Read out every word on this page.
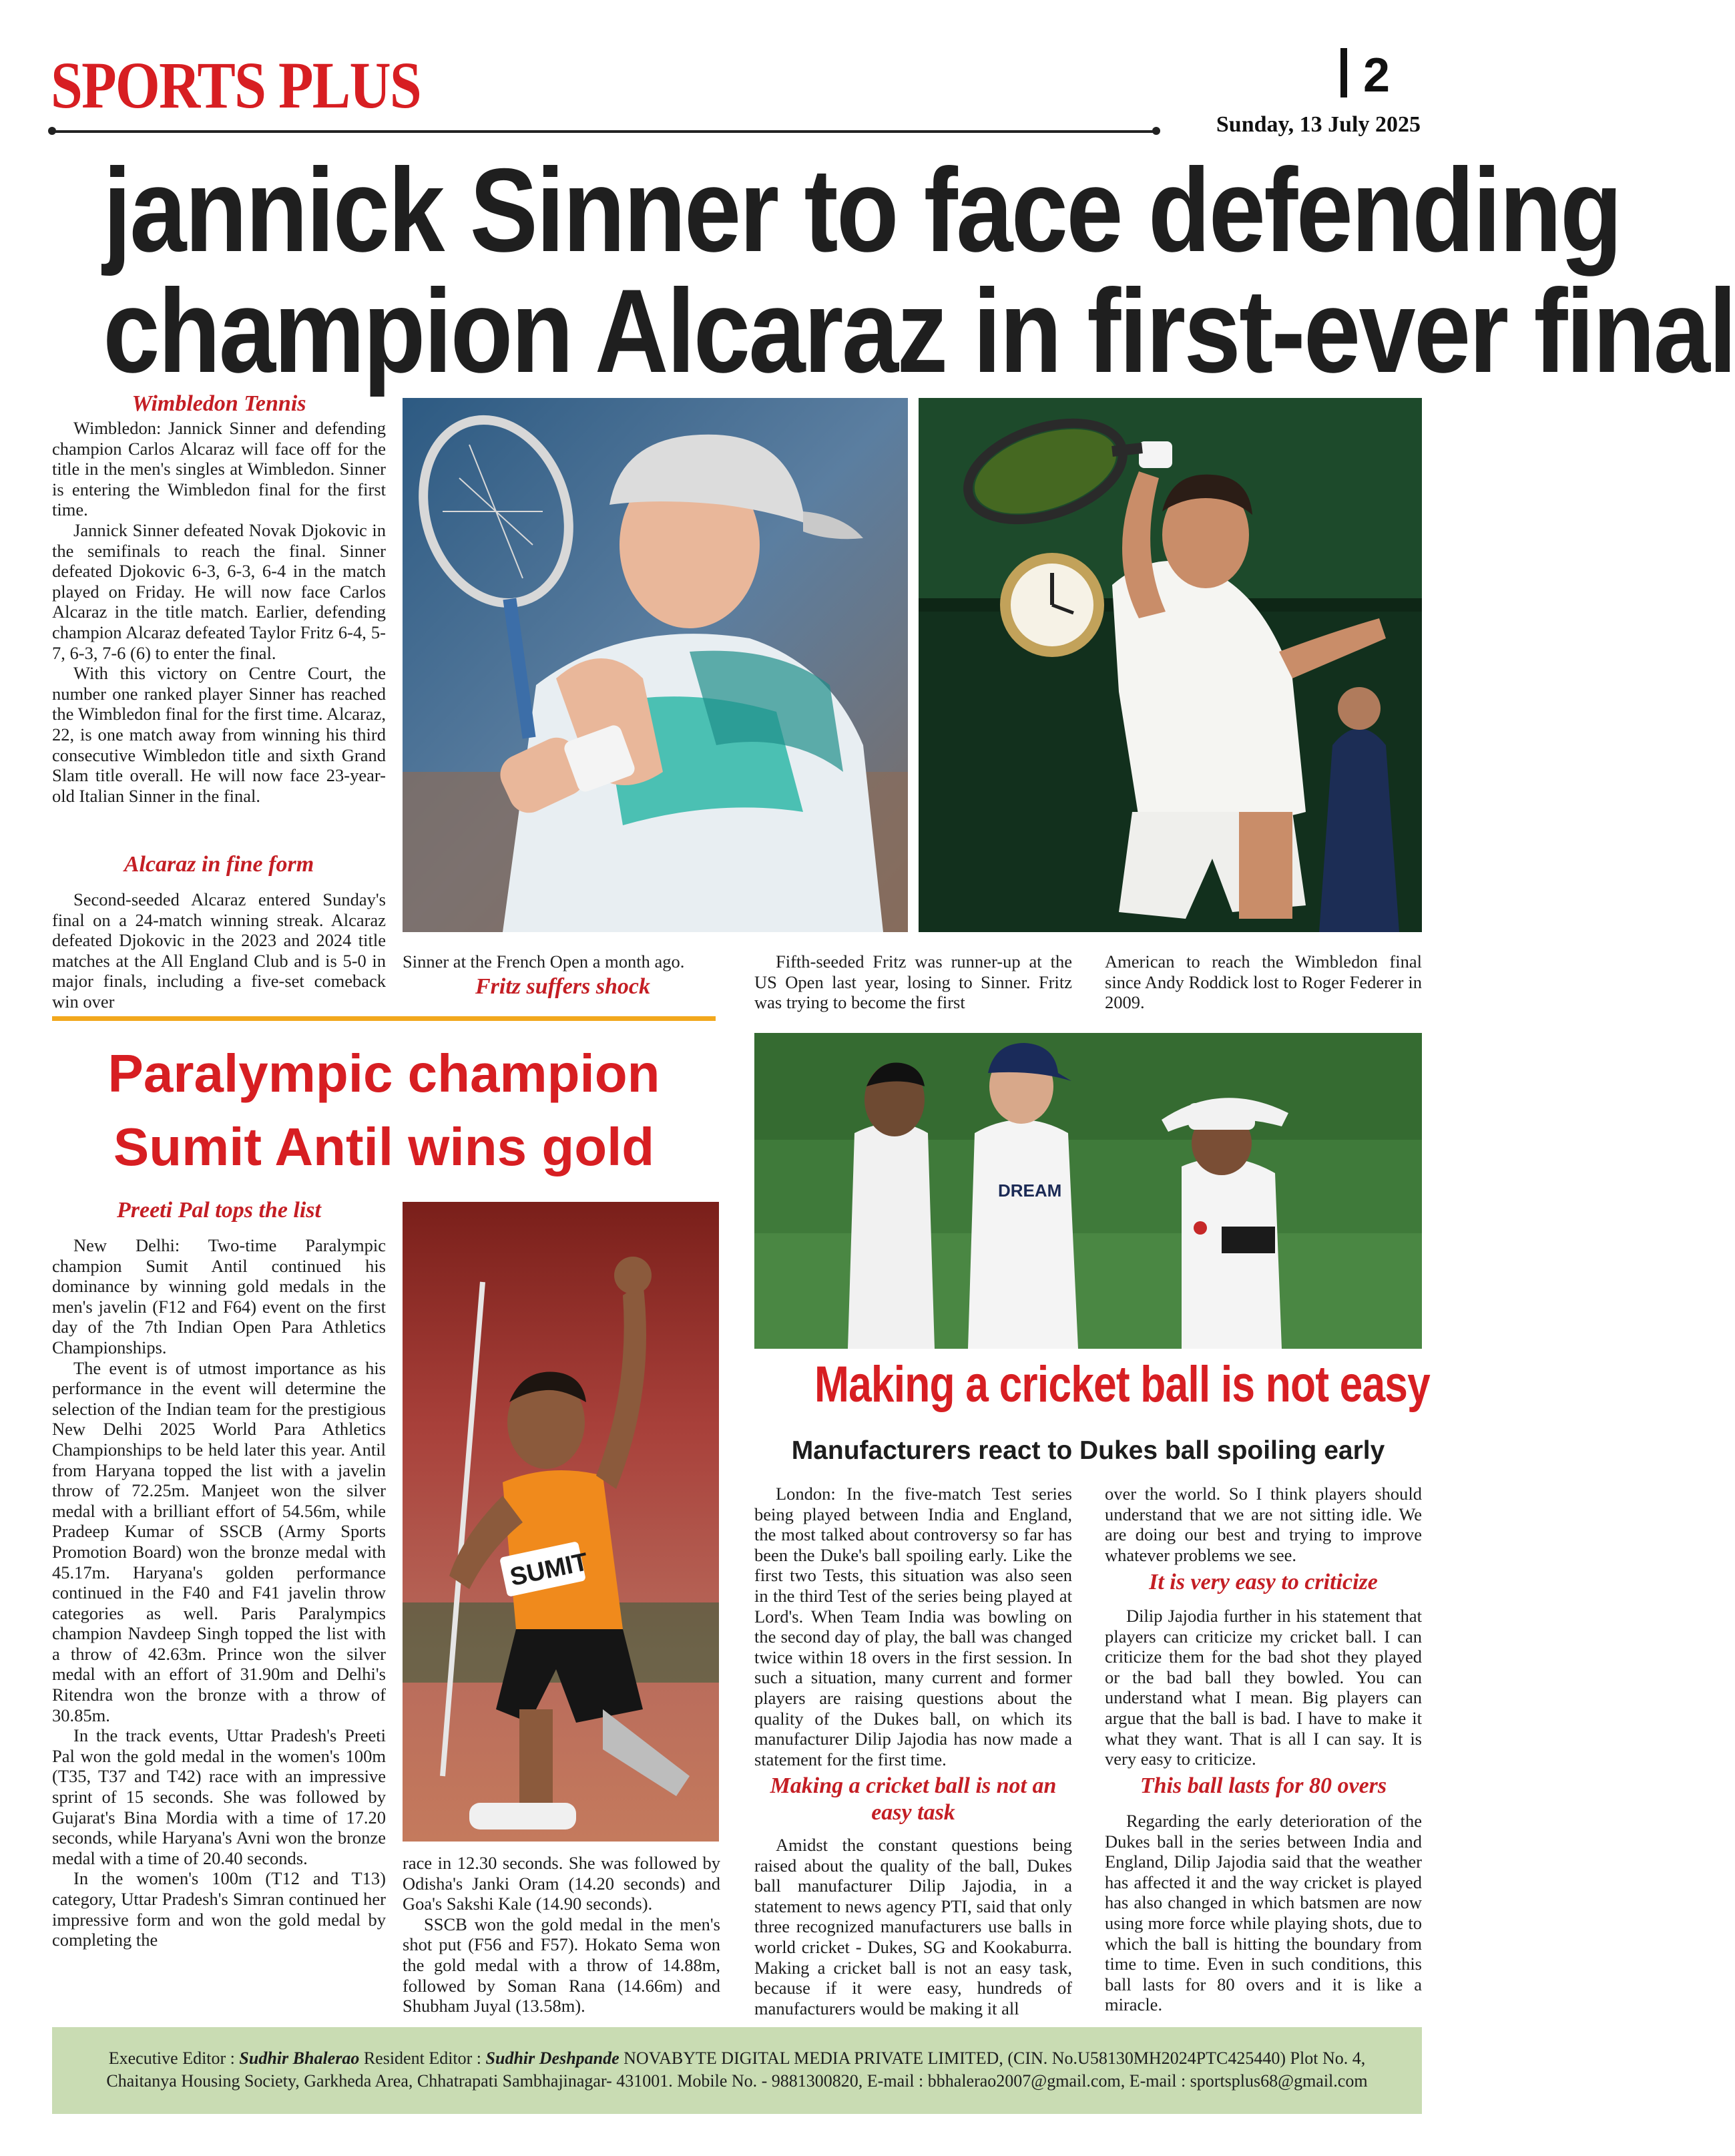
SPORTS PLUS	2
Sunday, 13 July 2025
jannick Sinner to face defending
champion Alcaraz in first-ever final
Wimbledon Tennis

Wimbledon: Jannick Sinner and defending champion Carlos Alcaraz will face off for the title in the men's singles at Wimbledon. Sinner is entering the Wimbledon final for the first time.

Jannick Sinner defeated Novak Djokovic in the semifinals to reach the final. Sinner defeated Djokovic 6-3, 6-3, 6-4 in the match played on Friday. He will now face Carlos Alcaraz in the title match. Earlier, defending champion Alcaraz defeated Taylor Fritz 6-4, 5-7, 6-3, 7-6 (6) to enter the final.

With this victory on Centre Court, the number one ranked player Sinner has reached the Wimbledon final for the first time. Alcaraz, 22, is one match away from winning his third consecutive Wimbledon title and sixth Grand Slam title overall. He will now face 23-year-old Italian Sinner in the final.

Alcaraz in fine form

Second-seeded Alcaraz entered Sunday's final on a 24-match winning streak. Alcaraz defeated Djokovic in the 2023 and 2024 title matches at the All England Club and is 5-0 in major finals, including a five-set comeback win over

Sinner at the French Open a month ago.

Fritz suffers shock

Fifth-seeded Fritz was runner-up at the US Open last year, losing to Sinner. Fritz was trying to become the first

American to reach the Wimbledon final since Andy Roddick lost to Roger Federer in 2009.

Paralympic champion
Sumit Antil wins gold
Preeti Pal tops the list

New Delhi: Two-time Paralympic champion Sumit Antil continued his dominance by winning gold medals in the men's javelin (F12 and F64) event on the first day of the 7th Indian Open Para Athletics Championships.

The event is of utmost importance as his performance in the event will determine the selection of the Indian team for the prestigious New Delhi 2025 World Para Athletics Championships to be held later this year. Antil from Haryana topped the list with a javelin throw of 72.25m. Manjeet won the silver medal with a brilliant effort of 54.56m, while Pradeep Kumar of SSCB (Army Sports Promotion Board) won the bronze medal with 45.17m. Haryana's golden performance continued in the F40 and F41 javelin throw categories as well. Paris Paralympics champion Navdeep Singh topped the list with a throw of 42.63m. Prince won the silver medal with an effort of 31.90m and Delhi's Ritendra won the bronze with a throw of 30.85m.

In the track events, Uttar Pradesh's Preeti Pal won the gold medal in the women's 100m (T35, T37 and T42) race with an impressive sprint of 15 seconds. She was followed by Gujarat's Bina Mordia with a time of 17.20 seconds, while Haryana's Avni won the bronze medal with a time of 20.40 seconds.

In the women's 100m (T12 and T13) category, Uttar Pradesh's Simran continued her impressive form and won the gold medal by completing the

SUMIT

race in 12.30 seconds. She was followed by Odisha's Janki Oram (14.20 seconds) and Goa's Sakshi Kale (14.90 seconds).

SSCB won the gold medal in the men's shot put (F56 and F57). Hokato Sema won the gold medal with a throw of 14.88m, followed by Soman Rana (14.66m) and Shubham Juyal (13.58m).

DREAM
Making a cricket ball is not easy
Manufacturers react to Dukes ball spoiling early

London: In the five-match Test series being played between India and England, the most talked about controversy so far has been the Duke's ball spoiling early. Like the first two Tests, this situation was also seen in the third Test of the series being played at Lord's. When Team India was bowling on the second day of play, the ball was changed twice within 18 overs in the first session. In such a situation, many current and former players are raising questions about the quality of the Dukes ball, on which its manufacturer Dilip Jajodia has now made a statement for the first time.

Making a cricket ball is not an easy task

Amidst the constant questions being raised about the quality of the ball, Dukes ball manufacturer Dilip Jajodia, in a statement to news agency PTI, said that only three recognized manufacturers use balls in world cricket - Dukes, SG and Kookaburra. Making a cricket ball is not an easy task, because if it were easy, hundreds of manufacturers would be making it all

over the world. So I think players should understand that we are not sitting idle. We are doing our best and trying to improve whatever problems we see.

It is very easy to criticize

Dilip Jajodia further in his statement that players can criticize my cricket ball. I can criticize them for the bad shot they played or the bad ball they bowled. You can understand what I mean. Big players can argue that the ball is bad. I have to make it what they want. That is all I can say. It is very easy to criticize.

This ball lasts for 80 overs

Regarding the early deterioration of the Dukes ball in the series between India and England, Dilip Jajodia said that the weather has affected it and the way cricket is played has also changed in which batsmen are now using more force while playing shots, due to which the ball is hitting the boundary from time to time. Even in such conditions, this ball lasts for 80 overs and it is like a miracle.

Executive Editor : Sudhir Bhalerao Resident Editor : Sudhir Deshpande NOVABYTE DIGITAL MEDIA PRIVATE LIMITED, (CIN. No.U58130MH2024PTC425440) Plot No. 4,
Chaitanya Housing Society, Garkheda Area, Chhatrapati Sambhajinagar- 431001. Mobile No. - 9881300820, E-mail : bbhalerao2007@gmail.com, E-mail : sportsplus68@gmail.com
